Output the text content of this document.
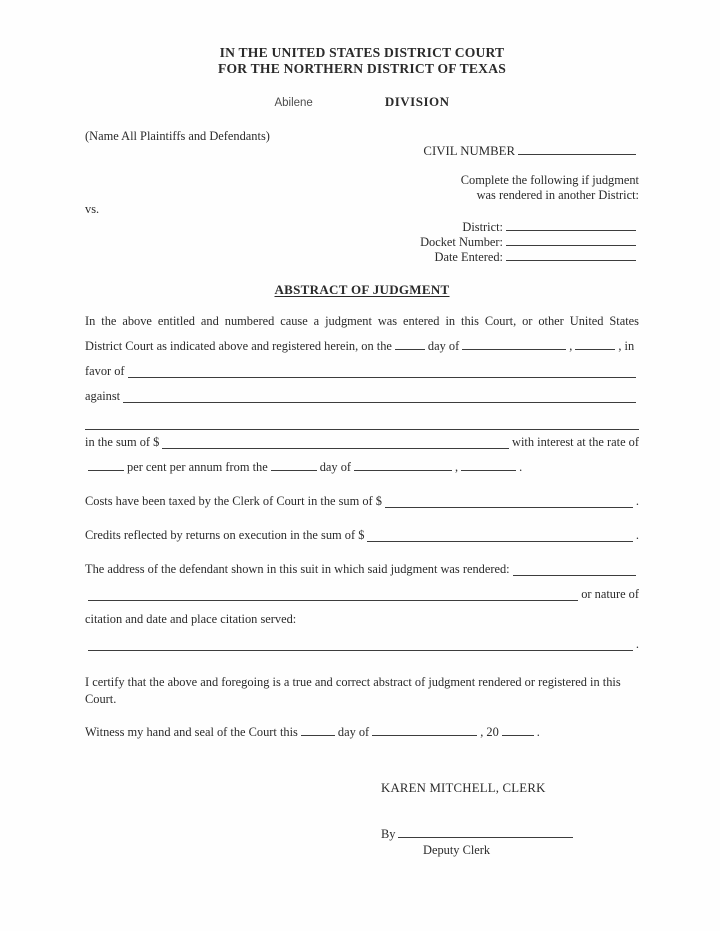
IN THE UNITED STATES DISTRICT COURT
FOR THE NORTHERN DISTRICT OF TEXAS
Abilene	DIVISION
(Name All Plaintiffs and Defendants)
CIVIL NUMBER
Complete the following if judgment
was rendered in another District:
vs.
District:
Docket Number:
Date Entered:
ABSTRACT OF JUDGMENT
In the above entitled and numbered cause a judgment was entered in this Court, or other United States
District Court as indicated above and registered herein, on the	day of	,	, in
favor of
against
in the sum of $	with interest at the rate of
per cent per annum from the	day of	,	.
Costs have been taxed by the Clerk of Court in the sum of $	.
Credits reflected by returns on execution in the sum of $	.
The address of the defendant shown in this suit in which said judgment was rendered:
or nature of
citation and date and place citation served:
.

I certify that the above and foregoing is a true and correct abstract of judgment rendered or registered in this Court.

Witness my hand and seal of the Court this	day of	, 20	.
KAREN MITCHELL, CLERK
By
Deputy Clerk
